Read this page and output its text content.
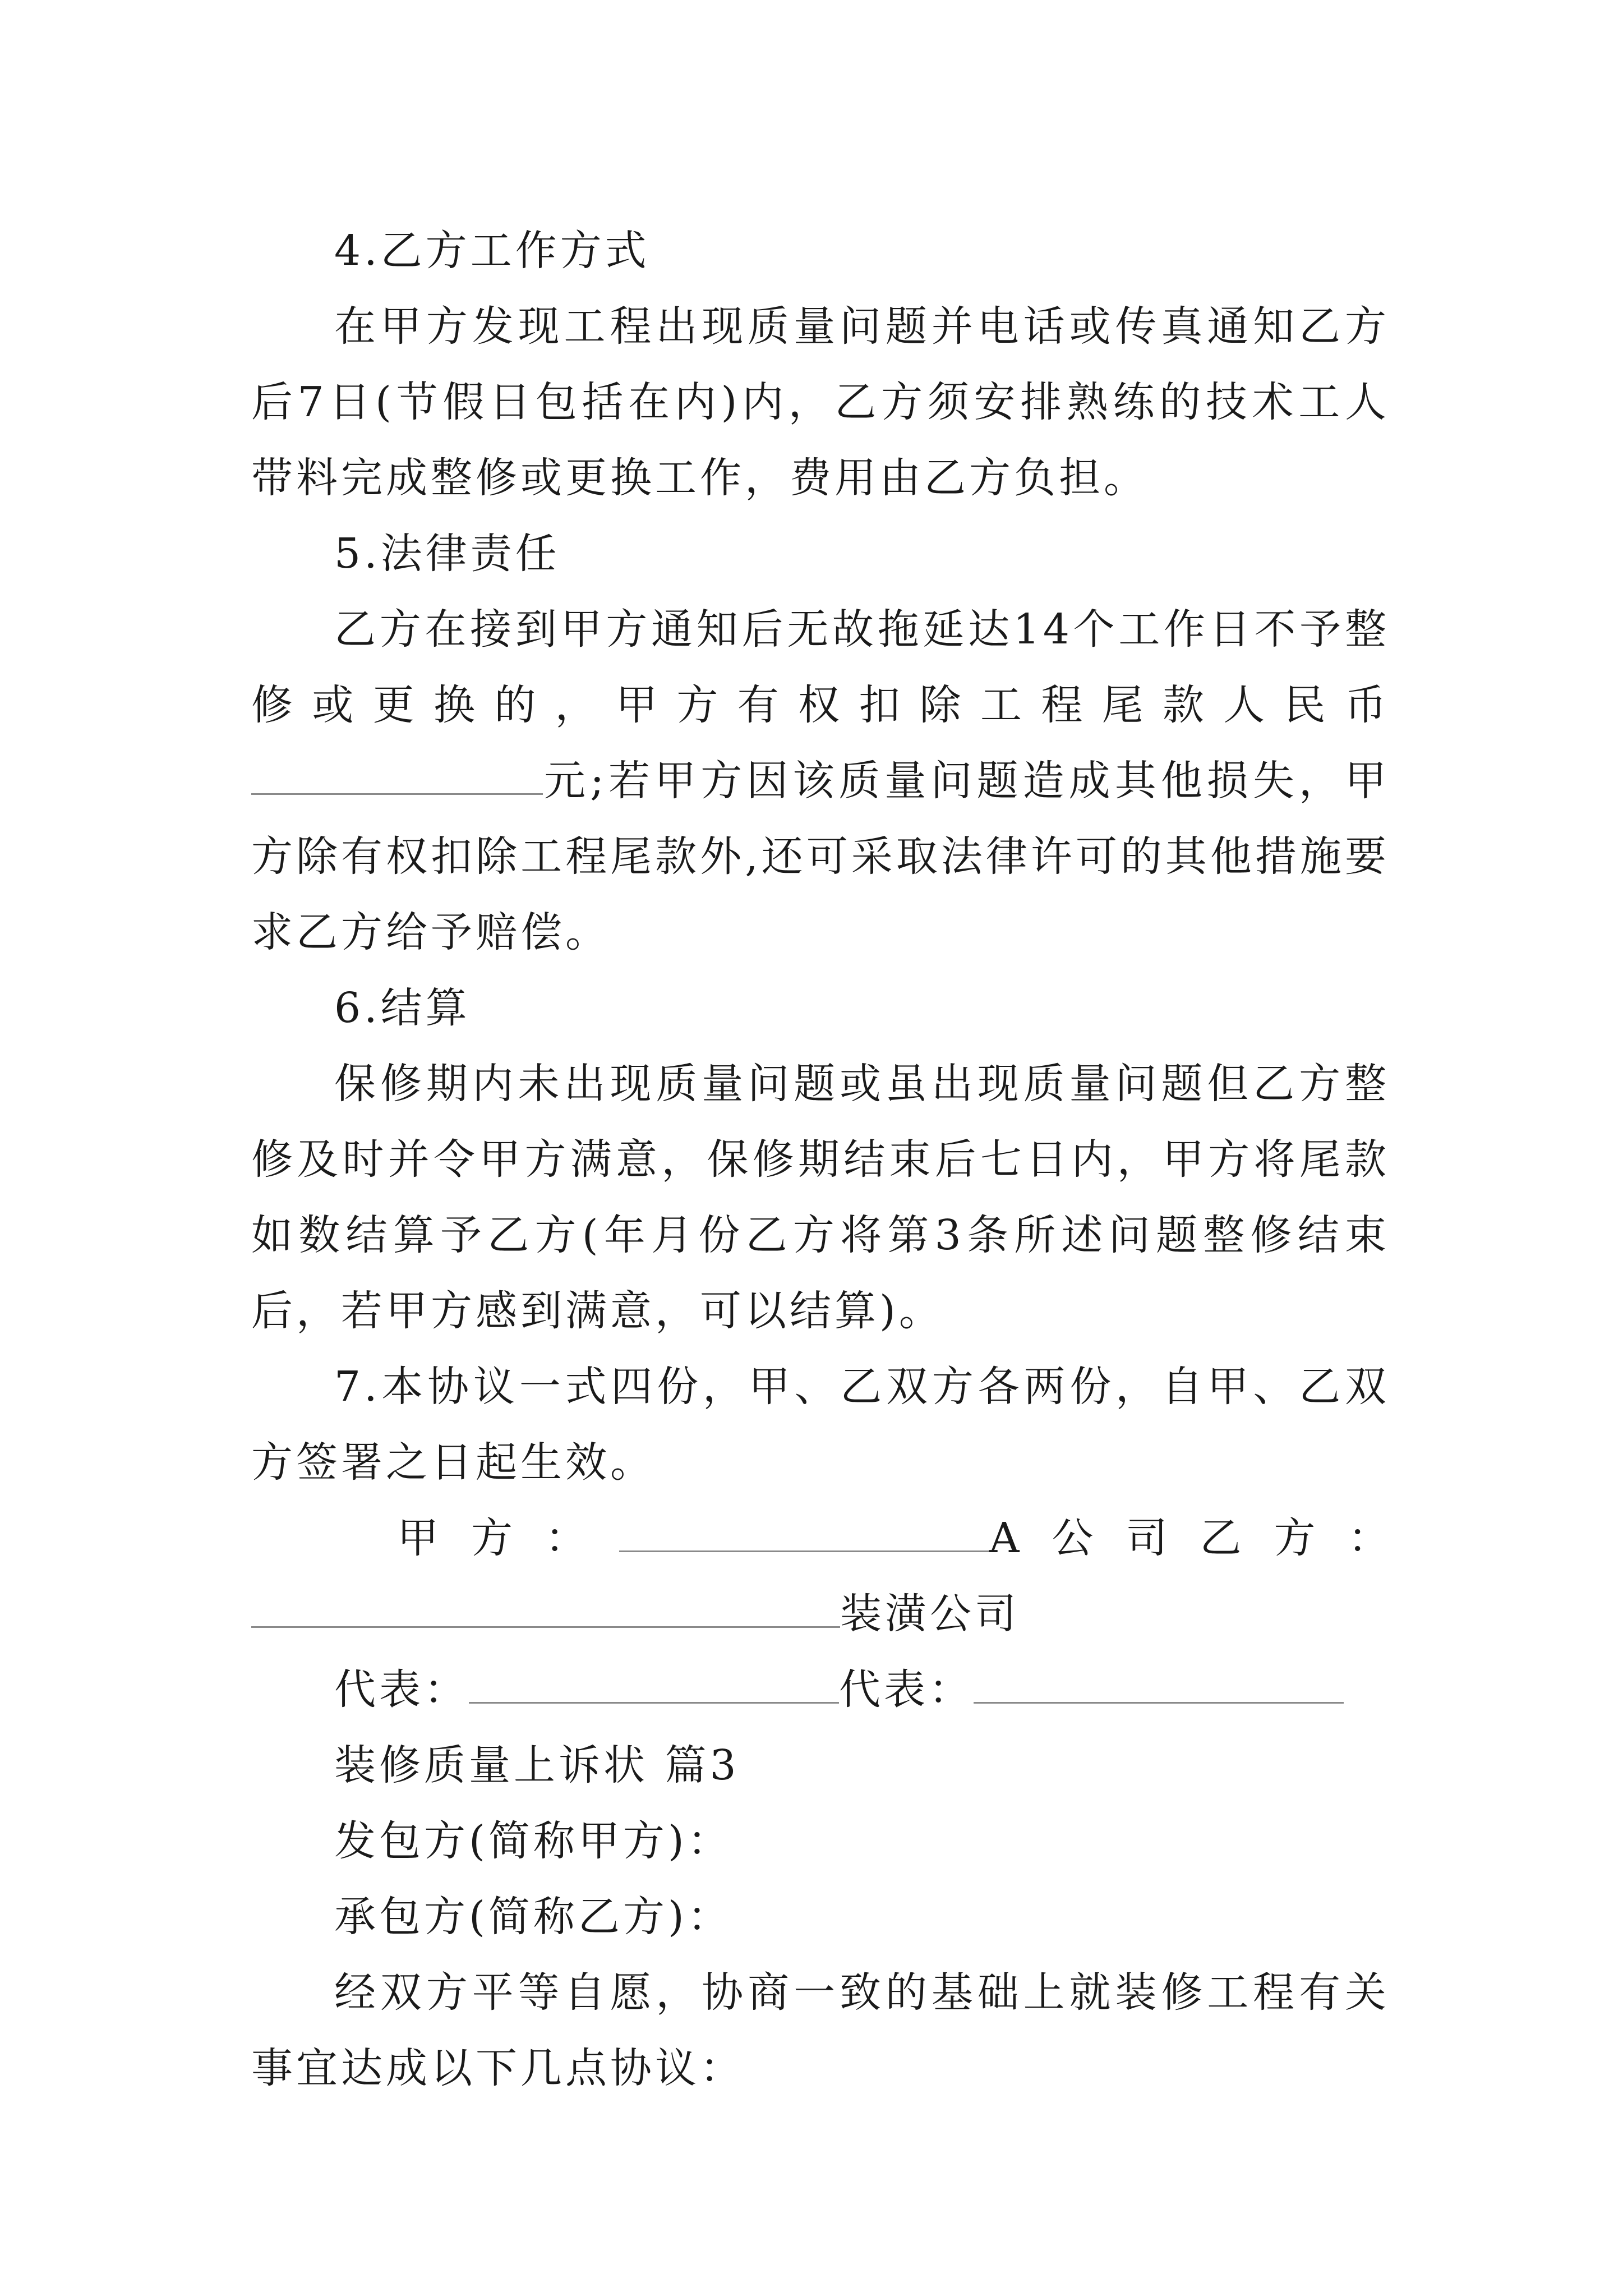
4.乙方工作方式

在甲方发现工程出现质量问题并电话或传真通知乙方后7日(节假日包括在内)内，乙方须安排熟练的技术工人带料完成整修或更换工作，费用由乙方负担。

5.法律责任

乙方在接到甲方通知后无故拖延达14个工作日不予整修或更换的，甲方有权扣除工程尾款人民币元;若甲方因该质量问题造成其他损失，甲方除有权扣除工程尾款外,还可采取法律许可的其他措施要求乙方给予赔偿。

6.结算

保修期内未出现质量问题或虽出现质量问题但乙方整修及时并令甲方满意，保修期结束后七日内，甲方将尾款如数结算予乙方(年月份乙方将第3条所述问题整修结束后，若甲方感到满意，可以结算)。

7.本协议一式四份，甲、乙双方各两份，自甲、乙双方签署之日起生效。

甲方：	A公司乙方：

装潢公司

代表：	代表：

装修质量上诉状 篇3

发包方(简称甲方)：

承包方(简称乙方)：

经双方平等自愿，协商一致的基础上就装修工程有关事宜达成以下几点协议：
